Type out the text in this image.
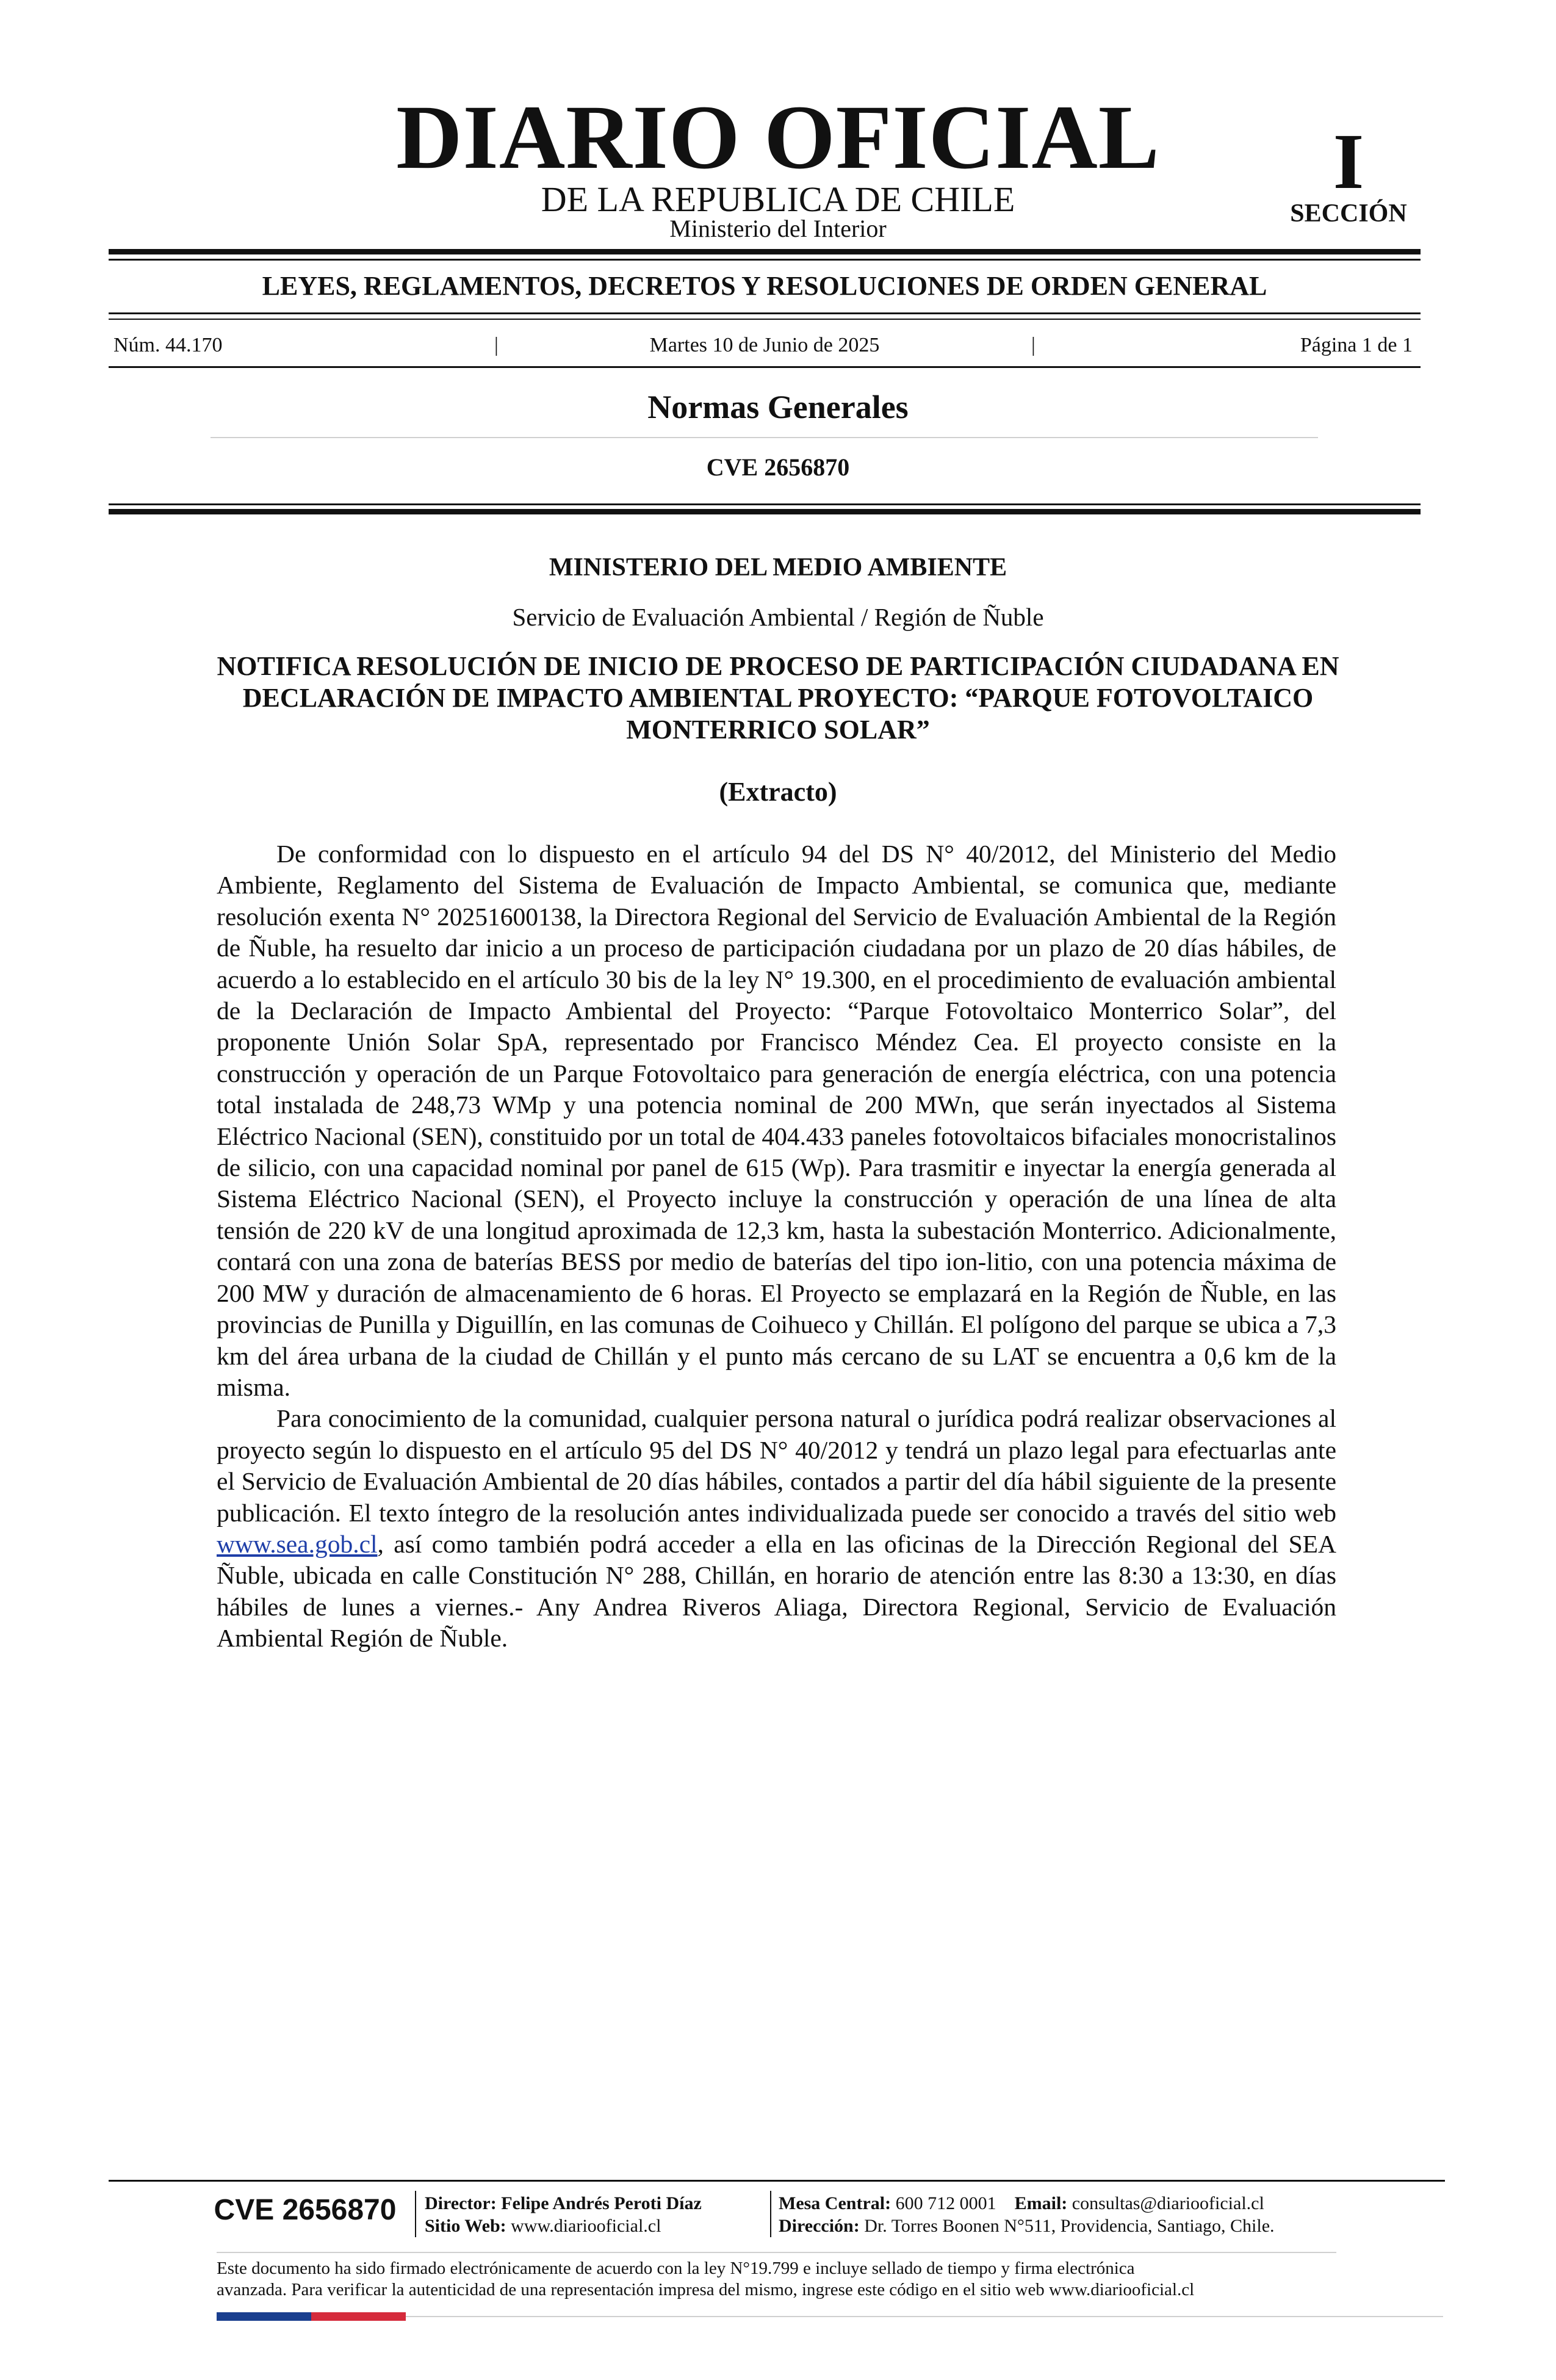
DIARIO OFICIAL
DE LA REPUBLICA DE CHILE
Ministerio del Interior
I
SECCIÓN
LEYES, REGLAMENTOS, DECRETOS Y RESOLUCIONES DE ORDEN GENERAL
Núm. 44.170	|	Martes 10 de Junio de 2025	|	Página 1 de 1
Normas Generales
CVE 2656870
MINISTERIO DEL MEDIO AMBIENTE
Servicio de Evaluación Ambiental / Región de Ñuble
NOTIFICA RESOLUCIÓN DE INICIO DE PROCESO DE PARTICIPACIÓN CIUDADANA EN DECLARACIÓN DE IMPACTO AMBIENTAL PROYECTO: “PARQUE FOTOVOLTAICO MONTERRICO SOLAR”
(Extracto)

De conformidad con lo dispuesto en el artículo 94 del DS N° 40/2012, del Ministerio del Medio Ambiente, Reglamento del Sistema de Evaluación de Impacto Ambiental, se comunica que, mediante resolución exenta N° 20251600138, la Directora Regional del Servicio de Evaluación Ambiental de la Región de Ñuble, ha resuelto dar inicio a un proceso de participación ciudadana por un plazo de 20 días hábiles, de acuerdo a lo establecido en el artículo 30 bis de la ley N° 19.300, en el procedimiento de evaluación ambiental de la Declaración de Impacto Ambiental del Proyecto: “Parque Fotovoltaico Monterrico Solar”, del proponente Unión Solar SpA, representado por Francisco Méndez Cea. El proyecto consiste en la construcción y operación de un Parque Fotovoltaico para generación de energía eléctrica, con una potencia total instalada de 248,73 WMp y una potencia nominal de 200 MWn, que serán inyectados al Sistema Eléctrico Nacional (SEN), constituido por un total de 404.433 paneles fotovoltaicos bifaciales monocristalinos de silicio, con una capacidad nominal por panel de 615 (Wp). Para trasmitir e inyectar la energía generada al Sistema Eléctrico Nacional (SEN), el Proyecto incluye la construcción y operación de una línea de alta tensión de 220 kV de una longitud aproximada de 12,3 km, hasta la subestación Monterrico. Adicionalmente, contará con una zona de baterías BESS por medio de baterías del tipo ion-litio, con una potencia máxima de 200 MW y duración de almacenamiento de 6 horas. El Proyecto se emplazará en la Región de Ñuble, en las provincias de Punilla y Diguillín, en las comunas de Coihueco y Chillán. El polígono del parque se ubica a 7,3 km del área urbana de la ciudad de Chillán y el punto más cercano de su LAT se encuentra a 0,6 km de la misma.

Para conocimiento de la comunidad, cualquier persona natural o jurídica podrá realizar observaciones al proyecto según lo dispuesto en el artículo 95 del DS N° 40/2012 y tendrá un plazo legal para efectuarlas ante el Servicio de Evaluación Ambiental de 20 días hábiles, contados a partir del día hábil siguiente de la presente publicación. El texto íntegro de la resolución antes individualizada puede ser conocido a través del sitio web www.sea.gob.cl, así como también podrá acceder a ella en las oficinas de la Dirección Regional del SEA Ñuble, ubicada en calle Constitución N° 288, Chillán, en horario de atención entre las 8:30 a 13:30, en días hábiles de lunes a viernes.- Any Andrea Riveros Aliaga, Directora Regional, Servicio de Evaluación Ambiental Región de Ñuble.

CVE 2656870	Director: Felipe Andrés Peroti Díaz
Sitio Web: www.diariooficial.cl
Mesa Central: 600 712 0001 Email: consultas@diariooficial.cl
Dirección: Dr. Torres Boonen N°511, Providencia, Santiago, Chile.
Este documento ha sido firmado electrónicamente de acuerdo con la ley N°19.799 e incluye sellado de tiempo y firma electrónica
avanzada. Para verificar la autenticidad de una representación impresa del mismo, ingrese este código en el sitio web www.diariooficial.cl
